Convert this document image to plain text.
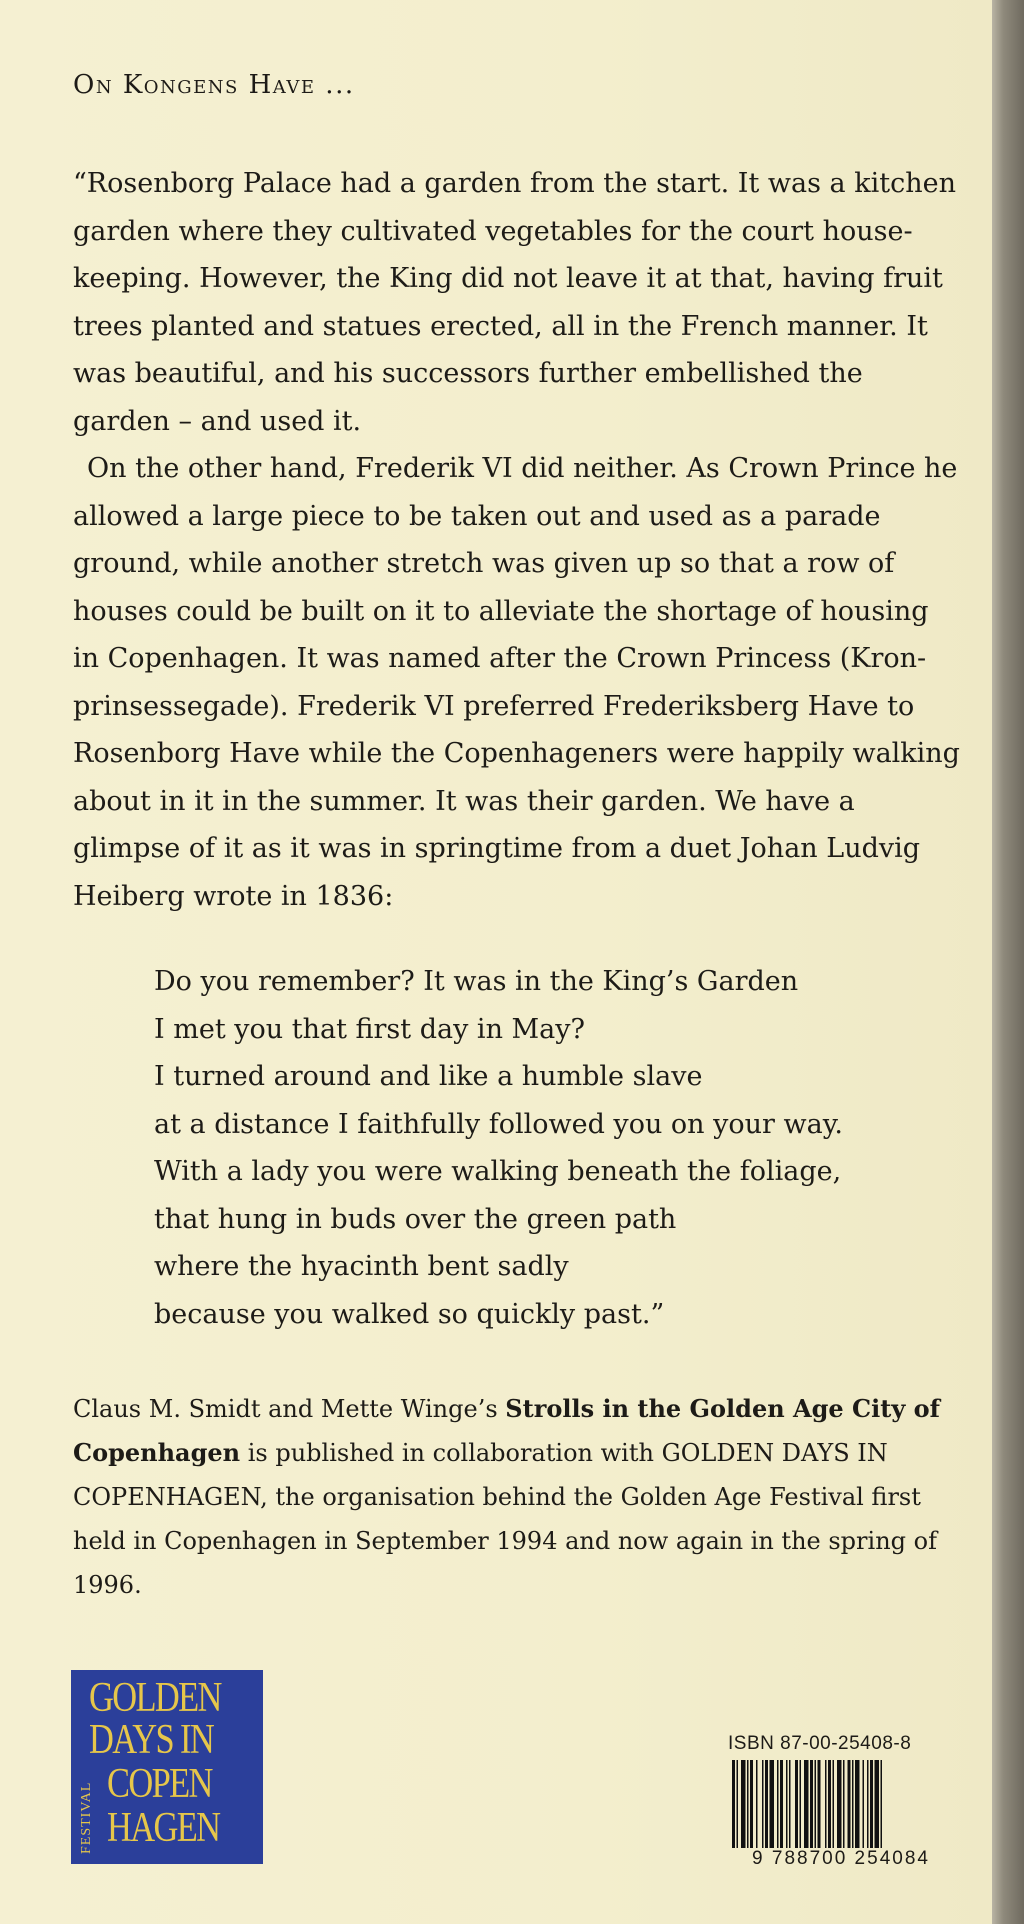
On Kongens Have ...

“Rosenborg Palace had a garden from the start. It was a kitchen garden where they cultivated vegetables for the court house-keeping. However, the King did not leave it at that, having fruit trees planted and statues erected, all in the French manner. It was beautiful, and his successors further embellished the garden – and used it.

On the other hand, Frederik VI did neither. As Crown Prince he allowed a large piece to be taken out and used as a parade ground, while another stretch was given up so that a row of houses could be built on it to alleviate the shortage of housing in Copenhagen. It was named after the Crown Princess (Kron-prinsessegade). Frederik VI preferred Frederiksberg Have to Rosenborg Have while the Copenhageners were happily walking about in it in the summer. It was their garden. We have a glimpse of it as it was in springtime from a duet Johan Ludvig Heiberg wrote in 1836:

Do you remember? It was in the King’s Garden
I met you that first day in May?
I turned around and like a humble slave
at a distance I faithfully followed you on your way.
With a lady you were walking beneath the foliage,
that hung in buds over the green path
where the hyacinth bent sadly
because you walked so quickly past.”
Claus M. Smidt and Mette Winge’s Strolls in the Golden Age City of Copenhagen is published in collaboration with GOLDEN DAYS IN COPENHAGEN, the organisation behind the Golden Age Festival first held in Copenhagen in September 1994 and now again in the spring of 1996.
GOLDEN
DAYS IN
COPEN
HAGEN
FESTIVAL
ISBN 87-00-25408-8
9 788700 254084
